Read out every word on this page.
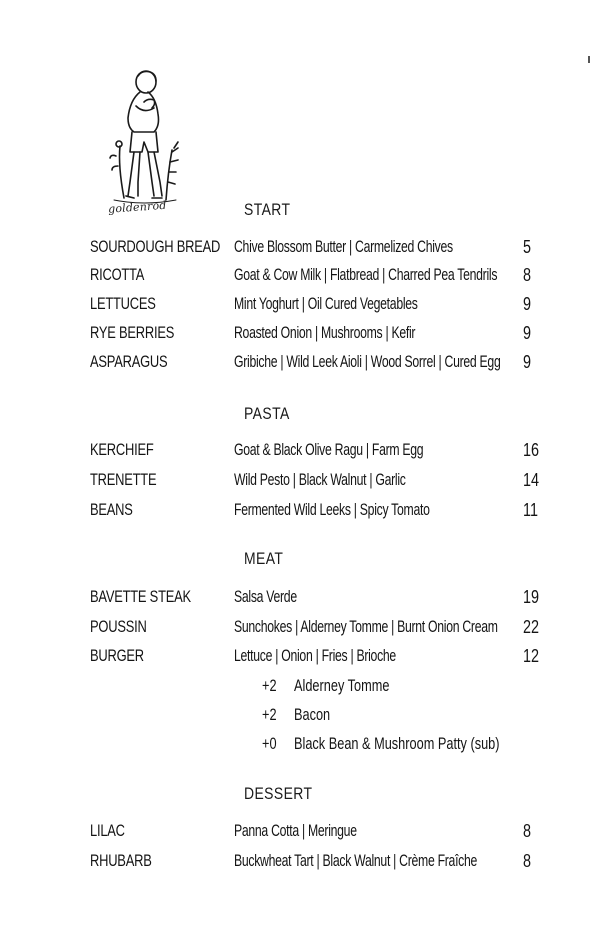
goldenrod	START
SOURDOUGH BREAD Chive Blossom Butter | Carmelized Chives	5
RICOTTA	Goat & Cow Milk | Flatbread | Charred Pea Tendrils 8
LETTUCES	Mint Yoghurt | Oil Cured Vegetables	9
RYE BERRIES	Roasted Onion | Mushrooms | Kefir	9
ASPARAGUS	Gribiche | Wild Leek Aioli | Wood Sorrel | Cured Egg 9
PASTA
KERCHIEF	Goat & Black Olive Ragu | Farm Egg	16
TRENETTE	Wild Pesto | Black Walnut | Garlic	14
BEANS	Fermented Wild Leeks | Spicy Tomato	11
MEAT
BAVETTE STEAK	Salsa Verde	19
POUSSIN	Sunchokes | Alderney Tomme | Burnt Onion Cream 22
BURGER	Lettuce | Onion | Fries | Brioche	12
+2 Alderney Tomme
+2 Bacon
+0 Black Bean & Mushroom Patty (sub)
DESSERT
LILAC	Panna Cotta | Meringue	8
RHUBARB	Buckwheat Tart | Black Walnut | Crème Fraîche	8
